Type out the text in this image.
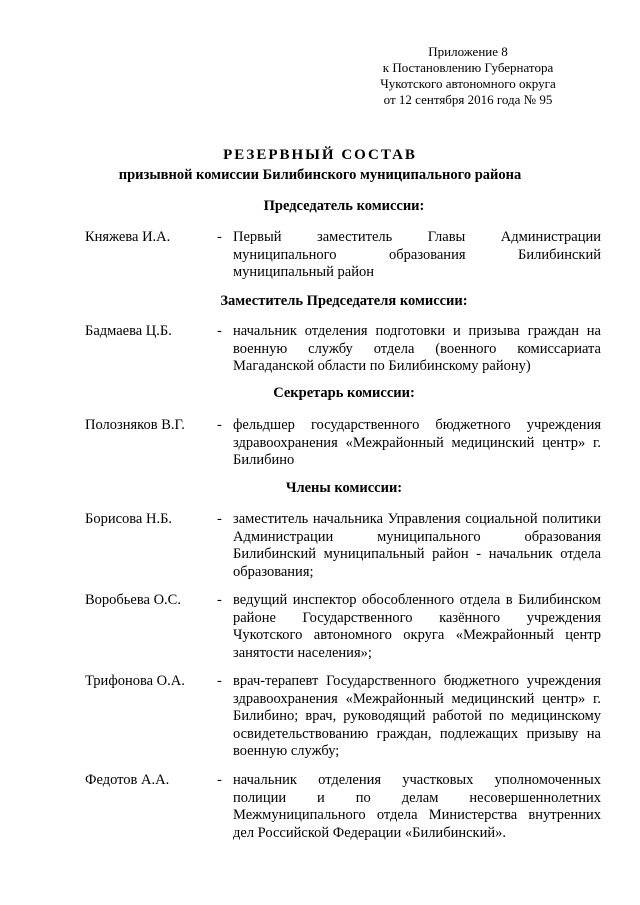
Приложение 8
к Постановлению Губернатора
Чукотского автономного округа
от 12 сентября 2016 года № 95
РЕЗЕРВНЫЙ СОСТАВ
призывной комиссии Билибинского муниципального района
Председатель комиссии:
Княжева И.А.	- Первый заместитель Главы Администрации муниципального образования Билибинский муниципальный район
Заместитель Председателя комиссии:
Бадмаева Ц.Б.	- начальник отделения подготовки и призыва граждан на военную службу отдела (военного комиссариата Магаданской области по Билибинскому району)
Секретарь комиссии:
Полозняков В.Г. - фельдшер государственного бюджетного учреждения здравоохранения «Межрайонный медицинский центр» г. Билибино
Члены комиссии:
Борисова Н.Б.	- заместитель начальника Управления социальной политики Администрации муниципального образования Билибинский муниципальный район - начальник отдела образования;
Воробьева О.С. - ведущий инспектор обособленного отдела в Билибинском районе Государственного казённого учреждения Чукотского автономного округа «Межрайонный центр занятости населения»;
Трифонова О.А. - врач-терапевт Государственного бюджетного учреждения здравоохранения «Межрайонный медицинский центр» г. Билибино; врач, руководящий работой по медицинскому освидетельствованию граждан, подлежащих призыву на военную службу;
Федотов А.А.	- начальник отделения участковых уполномоченных полиции и по делам несовершеннолетних Межмуниципального отдела Министерства внутренних дел Российской Федерации «Билибинский».
